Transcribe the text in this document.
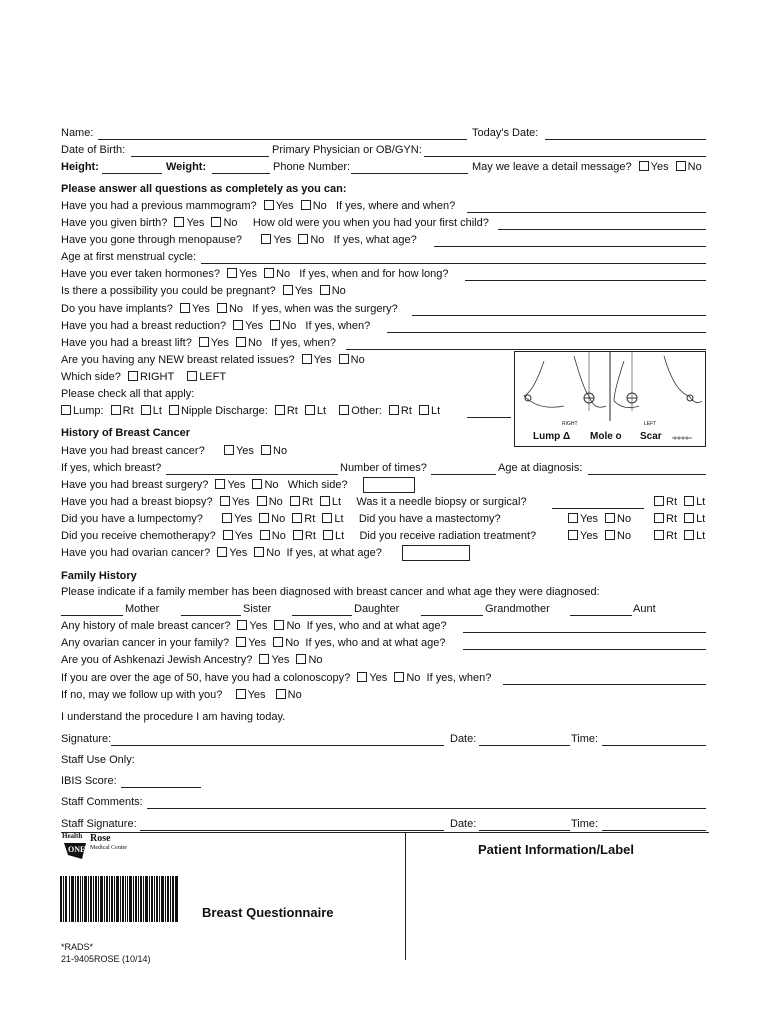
Name:	Today's Date:
Date of Birth:	Primary Physician or OB/GYN:
Height:	Weight:	Phone Number:	May we leave a detail message? Yes No
Please answer all questions as completely as you can:
Have you had a previous mammogram? Yes No If yes, where and when?
Have you given birth? Yes No How old were you when you had your first child?
Have you gone through menopause?	Yes No If yes, what age?
Age at first menstrual cycle:
Have you ever taken hormones? Yes No If yes, when and for how long?
Is there a possibility you could be pregnant? Yes No
Do you have implants? Yes No If yes, when was the surgery?
Have you had a breast reduction? Yes No If yes, when?
Have you had a breast lift? Yes No If yes, when?
Are you having any NEW breast related issues? Yes No
Which side? RIGHT LEFT
Please check all that apply:
Lump: Rt Lt Nipple Discharge: Rt Lt Other: Rt Lt
RIGHT	LEFT
Lump Δ Mole o Scar
History of Breast Cancer
Have you had breast cancer?	Yes No
If yes, which breast?	Number of times?	Age at diagnosis:
Have you had breast surgery? Yes No Which side?
Have you had a breast biopsy? Yes No Rt Lt Was it a needle biopsy or surgical?	Rt Lt
Did you have a lumpectomy?	Yes No Rt Lt Did you have a mastectomy?	Yes No	Rt Lt
Did you receive chemotherapy? Yes No Rt Lt Did you receive radiation treatment?	Yes No	Rt Lt
Have you had ovarian cancer? Yes No If yes, at what age?
Family History
Please indicate if a family member has been diagnosed with breast cancer and what age they were diagnosed:
Mother	Sister	Daughter	Grandmother	Aunt
Any history of male breast cancer? Yes No If yes, who and at what age?
Any ovarian cancer in your family? Yes No If yes, who and at what age?
Are you of Ashkenazi Jewish Ancestry? Yes No
If you are over the age of 50, have you had a colonoscopy? Yes No If yes, when?
If no, may we follow up with you? Yes No
I understand the procedure I am having today.
Signature:	Date:	Time:
Staff Use Only:
IBIS Score:
Staff Comments:
Staff Signature:	Date:	Time:
Health
ONE
Rose
Medical Center	Patient Information/Label
Breast Questionnaire
*RADS*
21-9405ROSE (10/14)
